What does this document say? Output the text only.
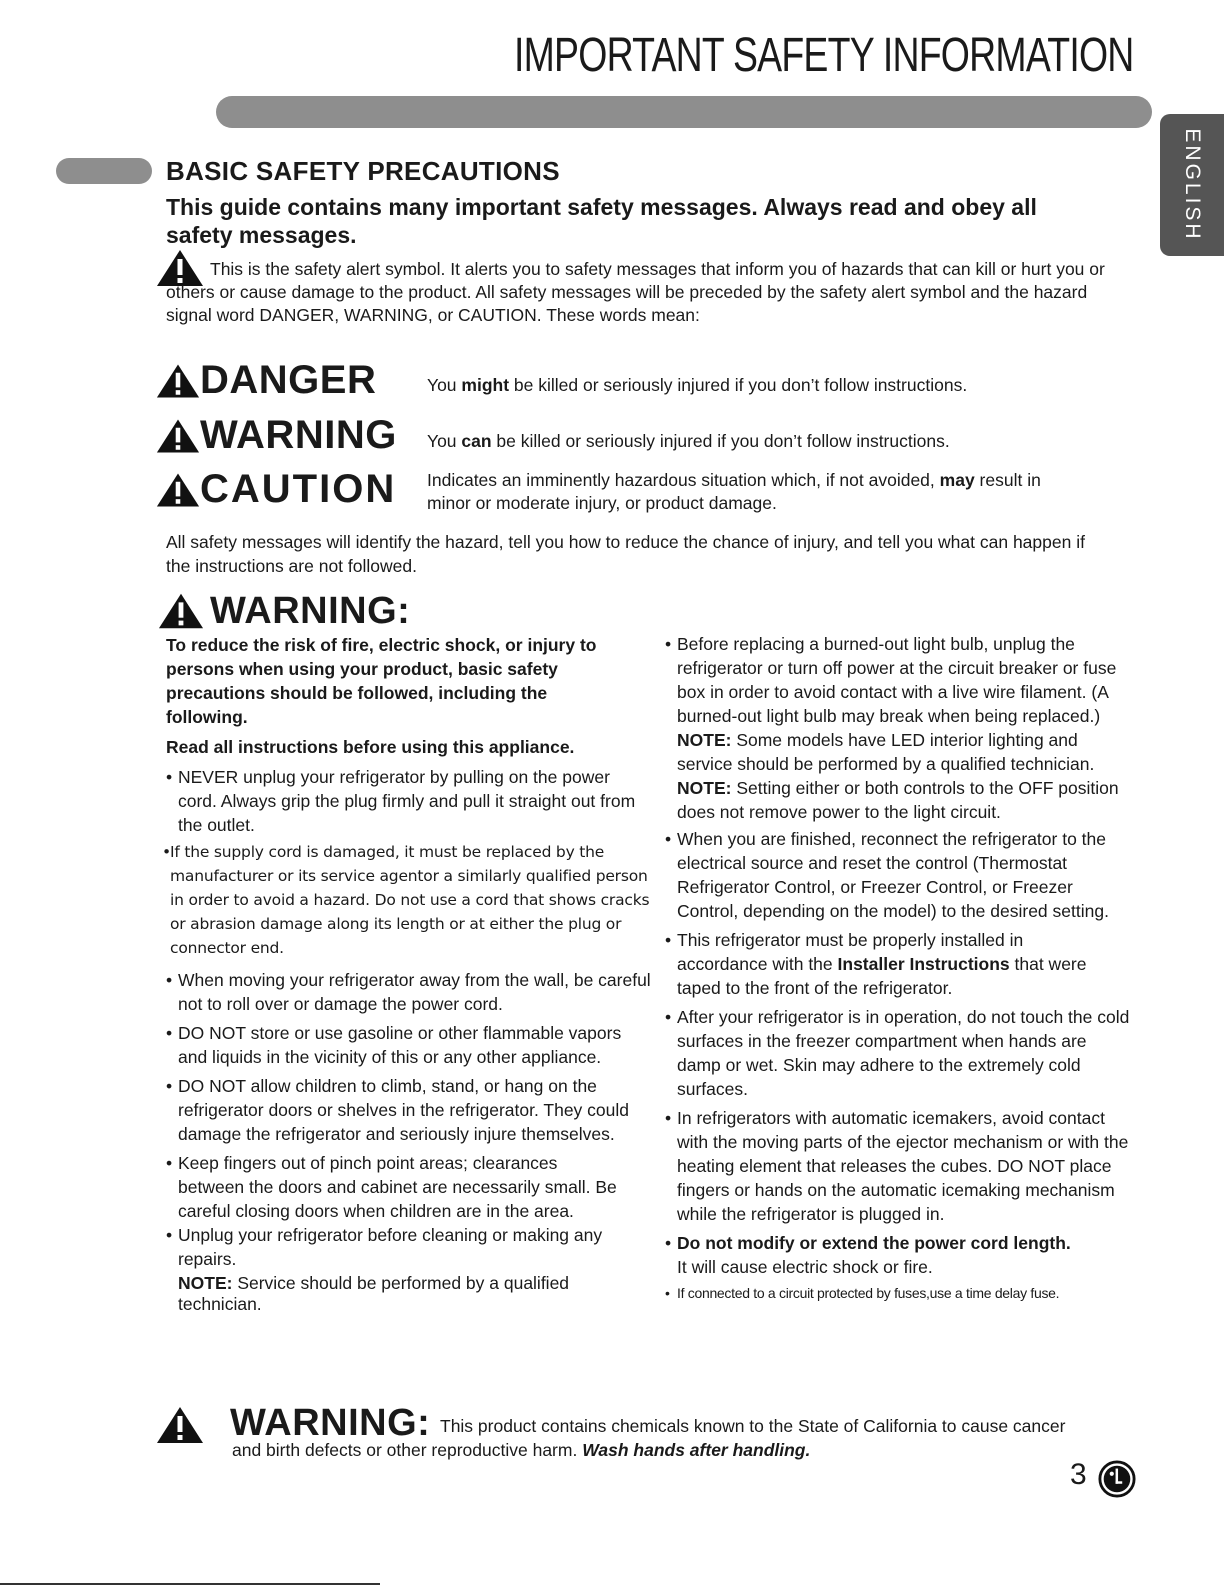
IMPORTANT SAFETY INFORMATION
ENGLISH
BASIC SAFETY PRECAUTIONS
This guide contains many important safety messages. Always read and obey all safety messages.
This is the safety alert symbol. It alerts you to safety messages that inform you of hazards that can kill or hurt you or others or cause damage to the product. All safety messages will be preceded by the safety alert symbol and the hazard signal word DANGER, WARNING, or CAUTION. These words mean:
DANGER	You might be killed or seriously injured if you don’t follow instructions.
WARNING You can be killed or seriously injured if you don’t follow instructions.
CAUTION Indicates an imminently hazardous situation which, if not avoided, may result in minor or moderate injury, or product damage.
All safety messages will identify the hazard, tell you how to reduce the chance of injury, and tell you what can happen if the instructions are not followed.
WARNING:

To reduce the risk of fire, electric shock, or injury to persons when using your product, basic safety precautions should be followed, including the following.

Read all instructions before using this appliance.

• NEVER unplug your refrigerator by pulling on the power cord. Always grip the plug firmly and pull it straight out from the outlet.

• If the supply cord is damaged, it must be replaced by the manufacturer or its service agentor a similarly qualified person in order to avoid a hazard. Do not use a cord that shows cracks or abrasion damage along its length or at either the plug or connector end.

• When moving your refrigerator away from the wall, be careful not to roll over or damage the power cord.

• DO NOT store or use gasoline or other flammable vapors and liquids in the vicinity of this or any other appliance.

• DO NOT allow children to climb, stand, or hang on the refrigerator doors or shelves in the refrigerator. They could damage the refrigerator and seriously injure themselves.

• Keep fingers out of pinch point areas; clearances between the doors and cabinet are necessarily small. Be careful closing doors when children are in the area.

• Unplug your refrigerator before cleaning or making any repairs.

NOTE: Service should be performed by a qualified technician.

• Before replacing a burned-out light bulb, unplug the refrigerator or turn off power at the circuit breaker or fuse box in order to avoid contact with a live wire filament. (A burned-out light bulb may break when being replaced.)

NOTE: Some models have LED interior lighting and service should be performed by a qualified technician.

NOTE: Setting either or both controls to the OFF position does not remove power to the light circuit.

• When you are finished, reconnect the refrigerator to the electrical source and reset the control (Thermostat Refrigerator Control, or Freezer Control, or Freezer Control, depending on the model) to the desired setting.

• This refrigerator must be properly installed in accordance with the Installer Instructions that were taped to the front of the refrigerator.

• After your refrigerator is in operation, do not touch the cold surfaces in the freezer compartment when hands are damp or wet. Skin may adhere to the extremely cold surfaces.

• In refrigerators with automatic icemakers, avoid contact with the moving parts of the ejector mechanism or with the heating element that releases the cubes. DO NOT place fingers or hands on the automatic icemaking mechanism while the refrigerator is plugged in.

• Do not modify or extend the power cord length.
It will cause electric shock or fire.

• If connected to a circuit protected by fuses,use a time delay fuse.

WARNING: This product contains chemicals known to the State of California to cause cancer
and birth defects or other reproductive harm. Wash hands after handling.
3
